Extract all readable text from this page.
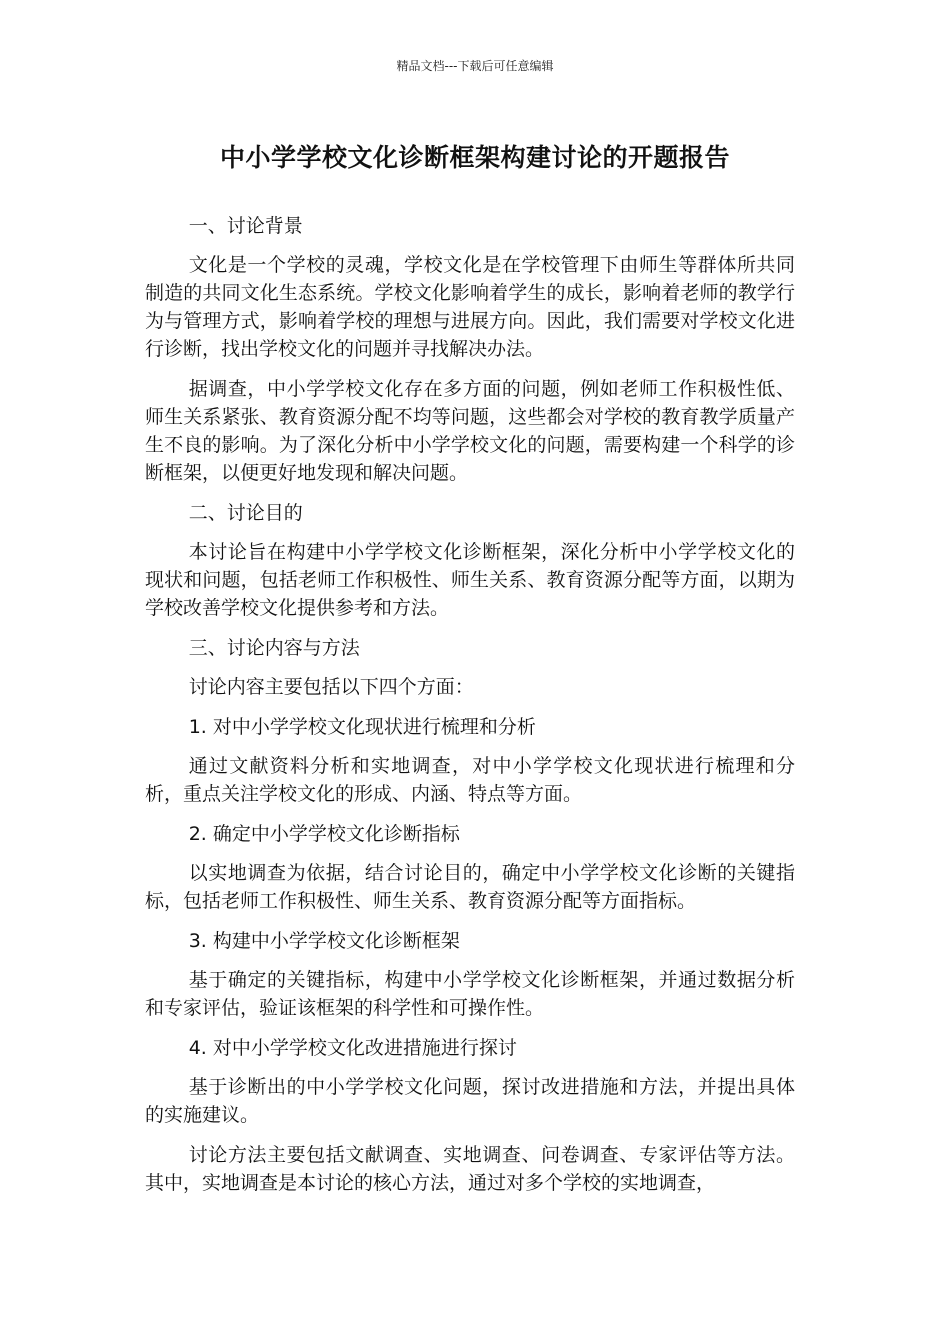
精品文档---下载后可任意编辑
中小学学校文化诊断框架构建讨论的开题报告

一、讨论背景

文化是一个学校的灵魂，学校文化是在学校管理下由师生等群体所共同制造的共同文化生态系统。学校文化影响着学生的成长，影响着老师的教学行为与管理方式，影响着学校的理想与进展方向。因此，我们需要对学校文化进行诊断，找出学校文化的问题并寻找解决办法。

据调查，中小学学校文化存在多方面的问题，例如老师工作积极性低、师生关系紧张、教育资源分配不均等问题，这些都会对学校的教育教学质量产生不良的影响。为了深化分析中小学学校文化的问题，需要构建一个科学的诊断框架，以便更好地发现和解决问题。

二、讨论目的

本讨论旨在构建中小学学校文化诊断框架，深化分析中小学学校文化的现状和问题，包括老师工作积极性、师生关系、教育资源分配等方面，以期为学校改善学校文化提供参考和方法。

三、讨论内容与方法

讨论内容主要包括以下四个方面：

1. 对中小学学校文化现状进行梳理和分析

通过文献资料分析和实地调查，对中小学学校文化现状进行梳理和分析，重点关注学校文化的形成、内涵、特点等方面。

2. 确定中小学学校文化诊断指标

以实地调查为依据，结合讨论目的，确定中小学学校文化诊断的关键指标，包括老师工作积极性、师生关系、教育资源分配等方面指标。

3. 构建中小学学校文化诊断框架

基于确定的关键指标，构建中小学学校文化诊断框架，并通过数据分析和专家评估，验证该框架的科学性和可操作性。

4. 对中小学学校文化改进措施进行探讨

基于诊断出的中小学学校文化问题，探讨改进措施和方法，并提出具体的实施建议。

讨论方法主要包括文献调查、实地调查、问卷调查、专家评估等方法。其中，实地调查是本讨论的核心方法，通过对多个学校的实地调查，
